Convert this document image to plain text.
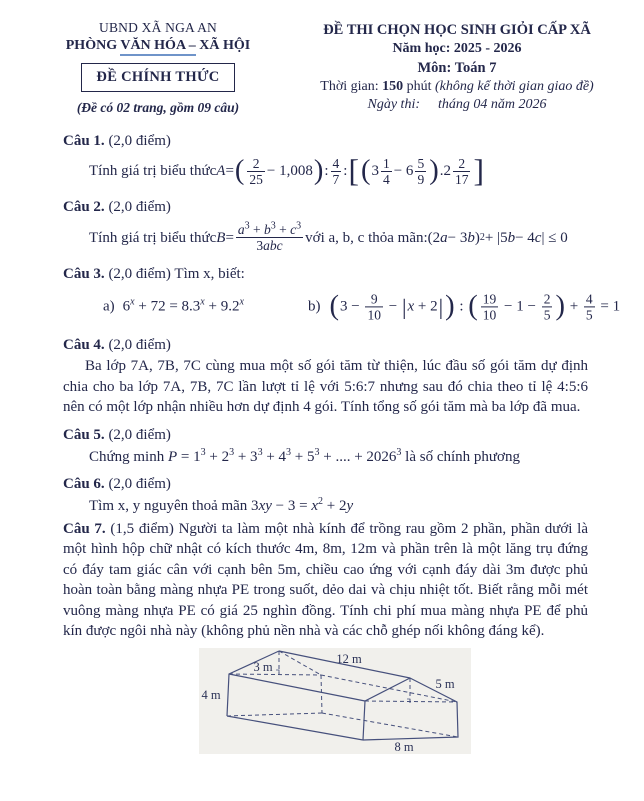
UBND XÃ NGA AN
PHÒNG VĂN HÓA – XÃ HỘI
ĐỀ CHÍNH THỨC
(Đề có 02 trang, gồm 09 câu)
ĐỀ THI CHỌN HỌC SINH GIỎI CẤP XÃ
Năm học: 2025 - 2026
Môn: Toán 7
Thời gian: 150 phút (không kể thời gian giao đề)
Ngày thi: tháng 04 năm 2026

Câu 1. (2,0 điểm)

Tính giá trị biểu thức A = ( $\frac{2}{25} - 1,008$ ) : $\frac{4}{7}$ : [ ( $3 \frac{1}{4} - 6 \frac{5}{9}$ ) . $2 \frac{2}{17}$ ]

Câu 2. (2,0 điểm)

Tính giá trị biểu thức $B = \frac{a^3 + b^3 + c^3}{\text{3abc}}$ với a, b, c thỏa mãn: (2 a − 3 b ) 2 + |5 b − 4 c | ≤ 0

Câu 3. (2,0 điểm) Tìm x, biết:

a) $6^x + 72 = 8.3^x + 9.2^x$	b) $(3 - \frac{9}{10} - |x + 2|)$ : ( $\frac{19}{10} - 1 - \frac{2}{5}$ ) + $\frac{4}{5} = 1$

Câu 4. (2,0 điểm)

Ba lớp 7A, 7B, 7C cùng mua một số gói tăm từ thiện, lúc đầu số gói tăm dự định chia cho ba lớp 7A, 7B, 7C lần lượt tỉ lệ với 5:6:7 nhưng sau đó chia theo tỉ lệ 4:5:6 nên có một lớp nhận nhiều hơn dự định 4 gói. Tính tổng số gói tăm mà ba lớp đã mua.

Câu 5. (2,0 điểm)

Chứng minh $P = 1^3 + 2^3 + 3^3 + 4^3 + 5^3$ + .... + $2026^3$ là số chính phương

Câu 6. (2,0 điểm)

Tìm x, y nguyên thoả mãn $3xy - 3 = x^2 + 2y$

Câu 7. (1,5 điểm) Người ta làm một nhà kính để trồng rau gồm 2 phần, phần dưới là một hình hộp chữ nhật có kích thước 4m, 8m, 12m và phần trên là một lăng trụ đứng có đáy tam giác cân với cạnh bên 5m, chiều cao ứng với cạnh đáy dài 3m được phủ hoàn toàn bằng màng nhựa PE trong suốt, dẻo dai và chịu nhiệt tốt. Biết rằng mỗi mét vuông màng nhựa PE có giá 25 nghìn đồng. Tính chi phí mua màng nhựa PE để phủ kín được ngôi nhà này (không phủ nền nhà và các chỗ ghép nối không đáng kể).

12 m
3 m
4 m
5 m
8 m
